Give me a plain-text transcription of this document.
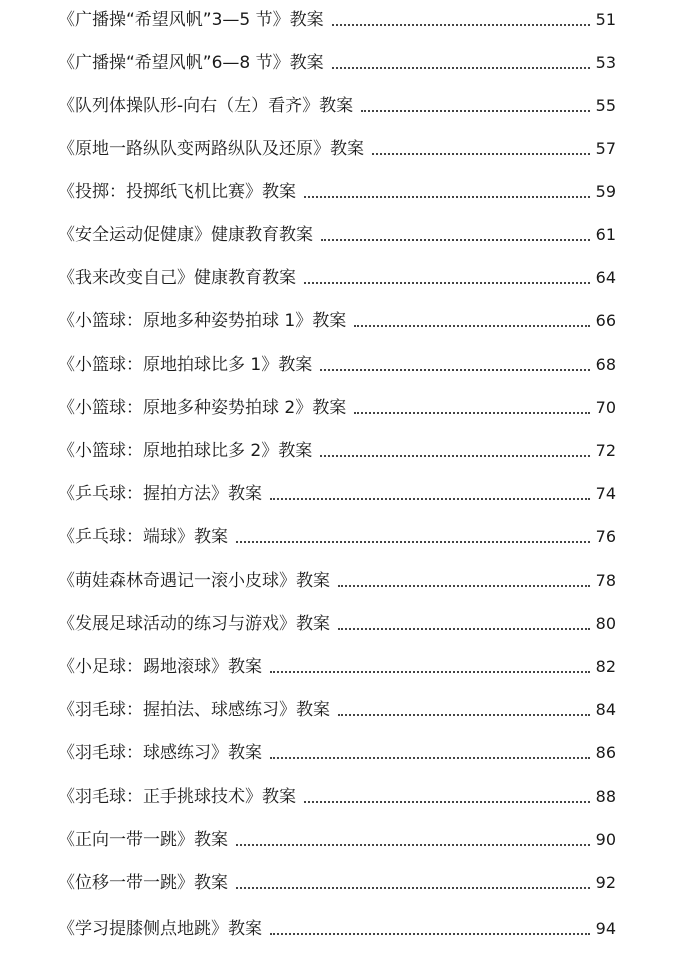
《广播操“希望风帆”3—5 节》教案	51
《广播操“希望风帆”6—8 节》教案	53
《队列体操队形-向右（左）看齐》教案	55
《原地一路纵队变两路纵队及还原》教案	57
《投掷：投掷纸飞机比赛》教案	59
《安全运动促健康》健康教育教案	61
《我来改变自己》健康教育教案	64
《小篮球：原地多种姿势拍球 1》教案	66
《小篮球：原地拍球比多 1》教案	68
《小篮球：原地多种姿势拍球 2》教案	70
《小篮球：原地拍球比多 2》教案	72
《乒乓球：握拍方法》教案	74
《乒乓球：端球》教案	76
《萌娃森林奇遇记一滚小皮球》教案	78
《发展足球活动的练习与游戏》教案	80
《小足球：踢地滚球》教案	82
《羽毛球：握拍法、球感练习》教案	84
《羽毛球：球感练习》教案	86
《羽毛球：正手挑球技术》教案	88
《正向一带一跳》教案	90
《位移一带一跳》教案	92
《学习提膝侧点地跳》教案	94
